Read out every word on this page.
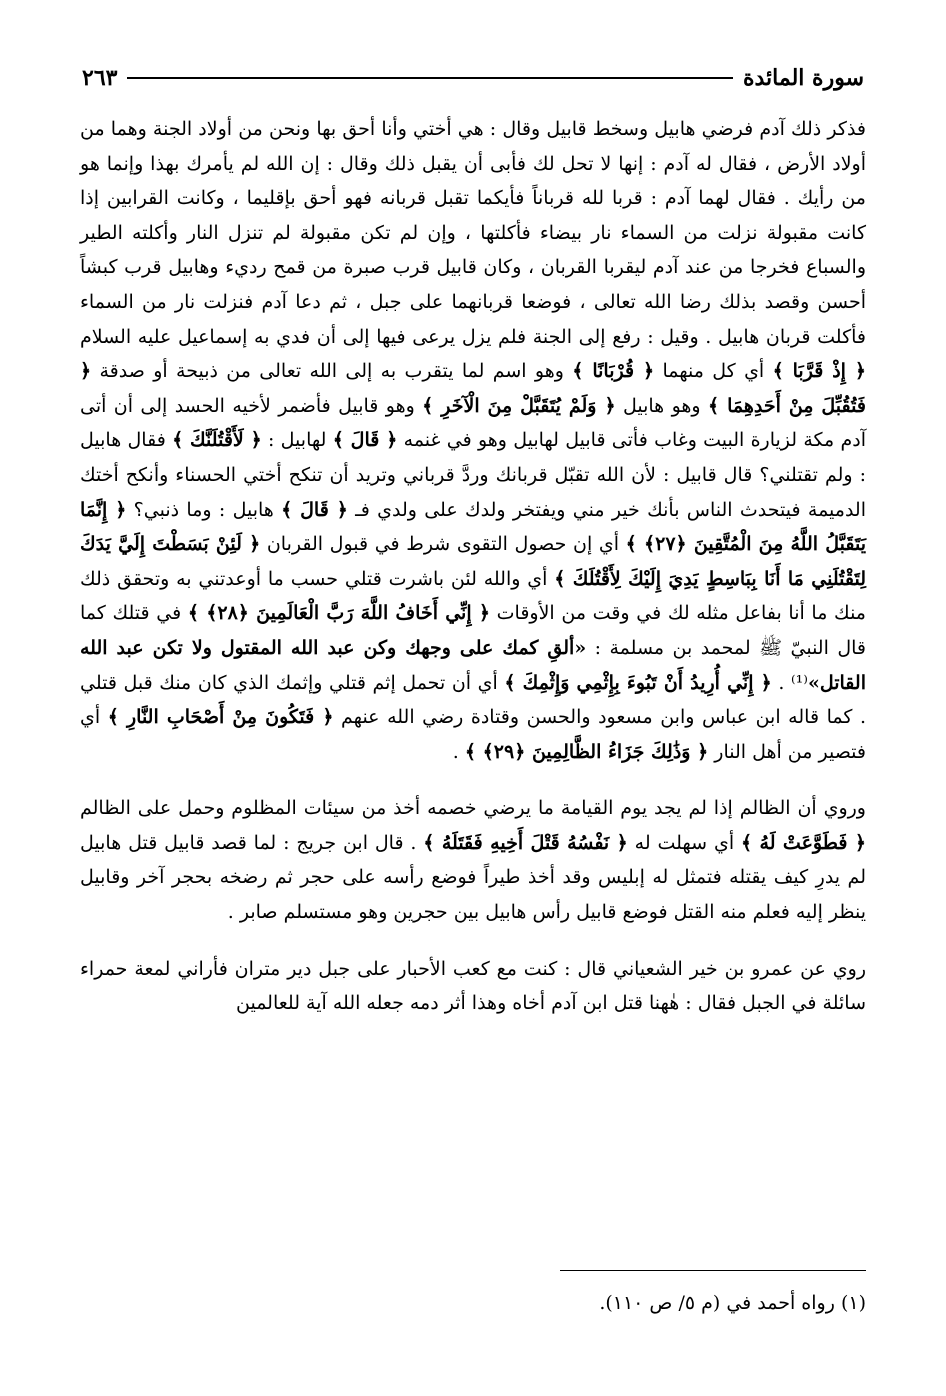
سورة المائدة
٢٦٣

فذكر ذلك آدم فرضي هابيل وسخط قابيل وقال : هي أختي وأنا أحق بها ونحن من أولاد الجنة وهما من أولاد الأرض ، فقال له آدم : إنها لا تحل لك فأبى أن يقبل ذلك وقال : إن الله لم يأمرك بهذا وإنما هو من رأيك . فقال لهما آدم : قربا لله قرباناً فأيكما تقبل قربانه فهو أحق بإقليما ، وكانت القرابين إذا كانت مقبولة نزلت من السماء نار بيضاء فأكلتها ، وإن لم تكن مقبولة لم تنزل النار وأكلته الطير والسباع فخرجا من عند آدم ليقربا القربان ، وكان قابيل قرب صبرة من قمح رديء وهابيل قرب كبشاً أحسن وقصد بذلك رضا الله تعالى ، فوضعا قربانهما على جبل ، ثم دعا آدم فنزلت نار من السماء فأكلت قربان هابيل . وقيل : رفع إلى الجنة فلم يزل يرعى فيها إلى أن فدي به إسماعيل عليه السلام ﴿ إِذْ قَرَّبَا ﴾ أي كل منهما ﴿ قُرْبَانًا ﴾ وهو اسم لما يتقرب به إلى الله تعالى من ذبيحة أو صدقة ﴿ فَتُقُبِّلَ مِنْ أَحَدِهِمَا ﴾ وهو هابيل ﴿ وَلَمْ يُتَقَبَّلْ مِنَ الْآخَرِ ﴾ وهو قابيل فأضمر لأخيه الحسد إلى أن أتى آدم مكة لزيارة البيت وغاب فأتى قابيل لهابيل وهو في غنمه ﴿ قَالَ ﴾ لهابيل : ﴿ لَأَقْتُلَنَّكَ ﴾ فقال هابيل : ولم تقتلني؟ قال قابيل : لأن الله تقبّل قربانك وردَّ قرباني وتريد أن تنكح أختي الحسناء وأنكح أختك الدميمة فيتحدث الناس بأنك خير مني ويفتخر ولدك على ولدي فـ ﴿ قَالَ ﴾ هابيل : وما ذنبي؟ ﴿ إِنَّمَا يَتَقَبَّلُ اللَّهُ مِنَ الْمُتَّقِينَ ﴿٢٧﴾ ﴾ أي إن حصول التقوى شرط في قبول القربان ﴿ لَئِنْ بَسَطْتَ إِلَيَّ يَدَكَ لِتَقْتُلَنِي مَا أَنَا بِبَاسِطٍ يَدِيَ إِلَيْكَ لِأَقْتُلَكَ ﴾ أي والله لئن باشرت قتلي حسب ما أوعدتني به وتحقق ذلك منك ما أنا بفاعل مثله لك في وقت من الأوقات ﴿ إِنِّي أَخَافُ اللَّهَ رَبَّ الْعَالَمِينَ ﴿٢٨﴾ ﴾ في قتلك كما قال النبيّ ﷺ لمحمد بن مسلمة : «ألقِ كمك على وجهك وكن عبد الله المقتول ولا تكن عبد الله القاتل»⁽¹⁾ . ﴿ إِنِّي أُرِيدُ أَنْ تَبُوءَ بِإِثْمِي وَإِثْمِكَ ﴾ أي أن تحمل إثم قتلي وإثمك الذي كان منك قبل قتلي . كما قاله ابن عباس وابن مسعود والحسن وقتادة رضي الله عنهم ﴿ فَتَكُونَ مِنْ أَصْحَابِ النَّارِ ﴾ أي فتصير من أهل النار ﴿ وَذَٰلِكَ جَزَاءُ الظَّالِمِينَ ﴿٢٩﴾ ﴾ .

وروي أن الظالم إذا لم يجد يوم القيامة ما يرضي خصمه أخذ من سيئات المظلوم وحمل على الظالم ﴿ فَطَوَّعَتْ لَهُ ﴾ أي سهلت له ﴿ نَفْسُهُ قَتْلَ أَخِيهِ فَقَتَلَهُ ﴾ . قال ابن جريج : لما قصد قابيل قتل هابيل لم يدرِ كيف يقتله فتمثل له إبليس وقد أخذ طيراً فوضع رأسه على حجر ثم رضخه بحجر آخر وقابيل ينظر إليه فعلم منه القتل فوضع قابيل رأس هابيل بين حجرين وهو مستسلم صابر .

روي عن عمرو بن خير الشعياني قال : كنت مع كعب الأحبار على جبل دير متران فأراني لمعة حمراء سائلة في الجبل فقال : هٰهنا قتل ابن آدم أخاه وهذا أثر دمه جعله الله آية للعالمين

(١) رواه أحمد في (م ٥/ ص ١١٠).
